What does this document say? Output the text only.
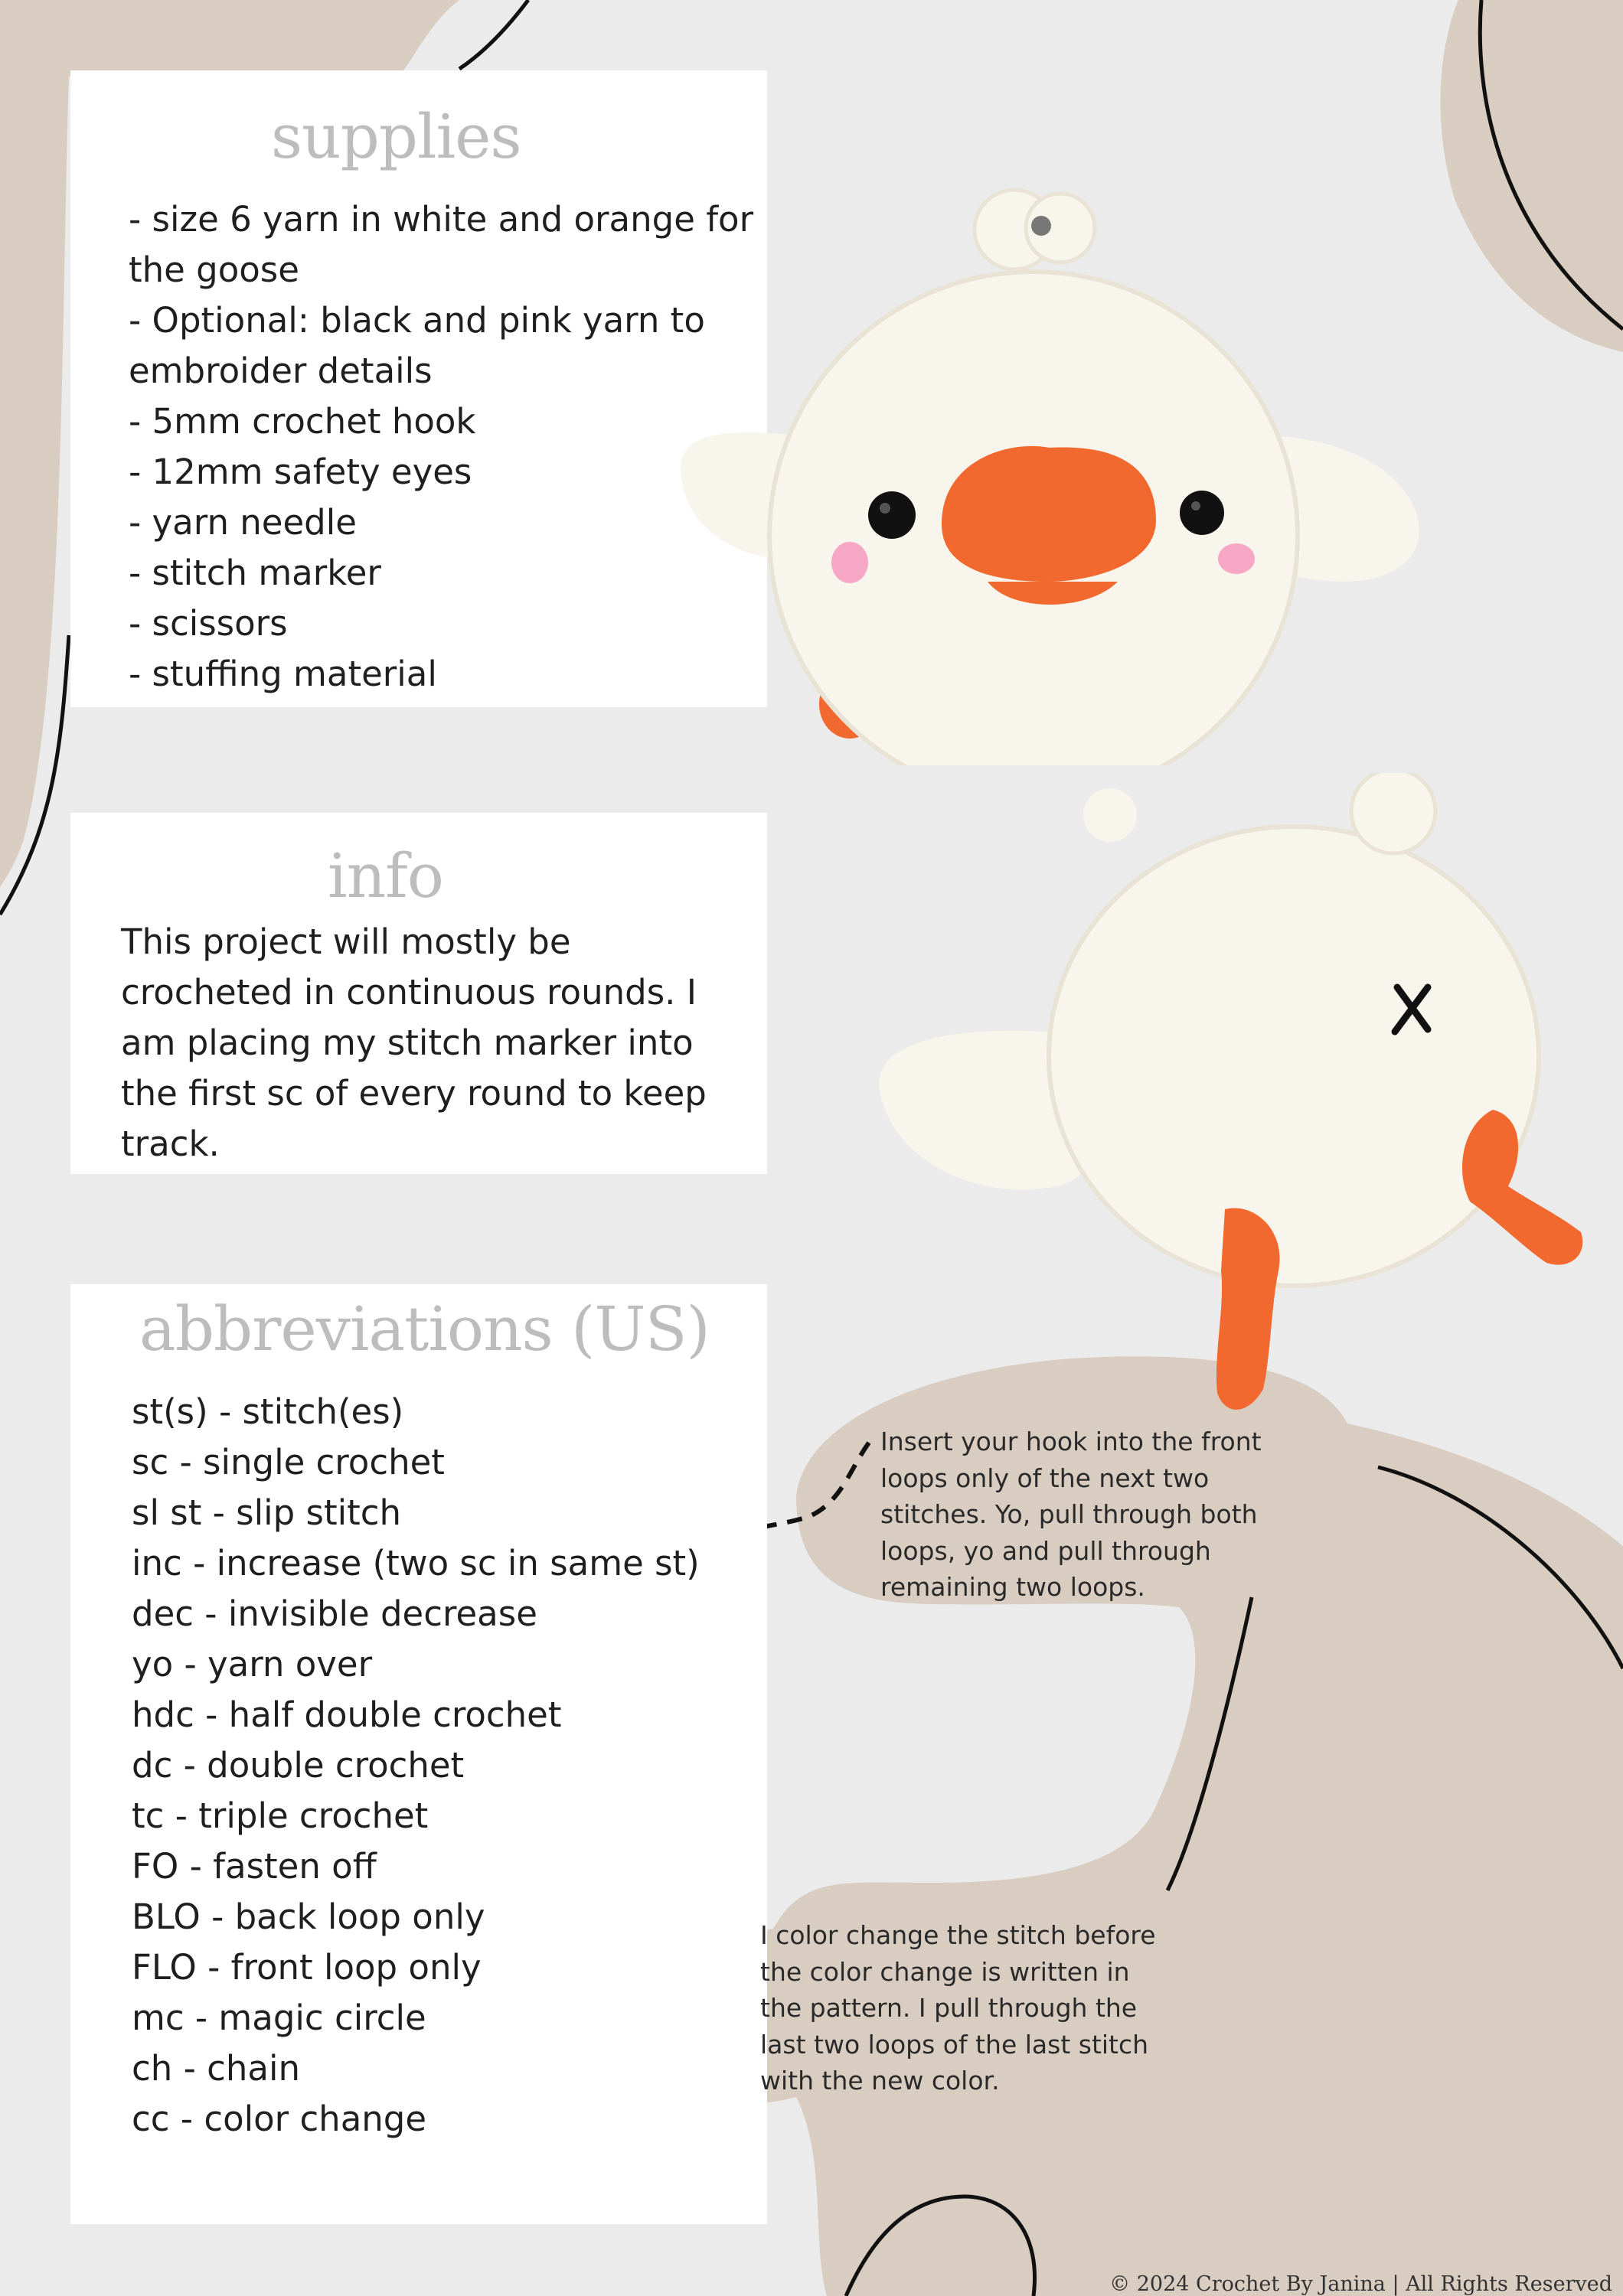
supplies
- size 6 yarn in white and orange for
the goose
- Optional: black and pink yarn to
embroider details
- 5mm crochet hook
- 12mm safety eyes
- yarn needle
- stitch marker
- scissors
- stuffing material
info
This project will mostly be
crocheted in continuous rounds. I
am placing my stitch marker into
the first sc of every round to keep
track.
abbreviations (US)
st(s) - stitch(es)
sc - single crochet
sl st - slip stitch
inc - increase (two sc in same st)
dec - invisible decrease
yo - yarn over
hdc - half double crochet
dc - double crochet
tc - triple crochet
FO - fasten off
BLO - back loop only
FLO - front loop only
mc - magic circle
ch - chain
cc - color change
Insert your hook into the front
loops only of the next two
stitches. Yo, pull through both
loops, yo and pull through
remaining two loops.
I color change the stitch before
the color change is written in
the pattern. I pull through the
last two loops of the last stitch
with the new color.

© 2024 Crochet By Janina | All Rights Reserved
